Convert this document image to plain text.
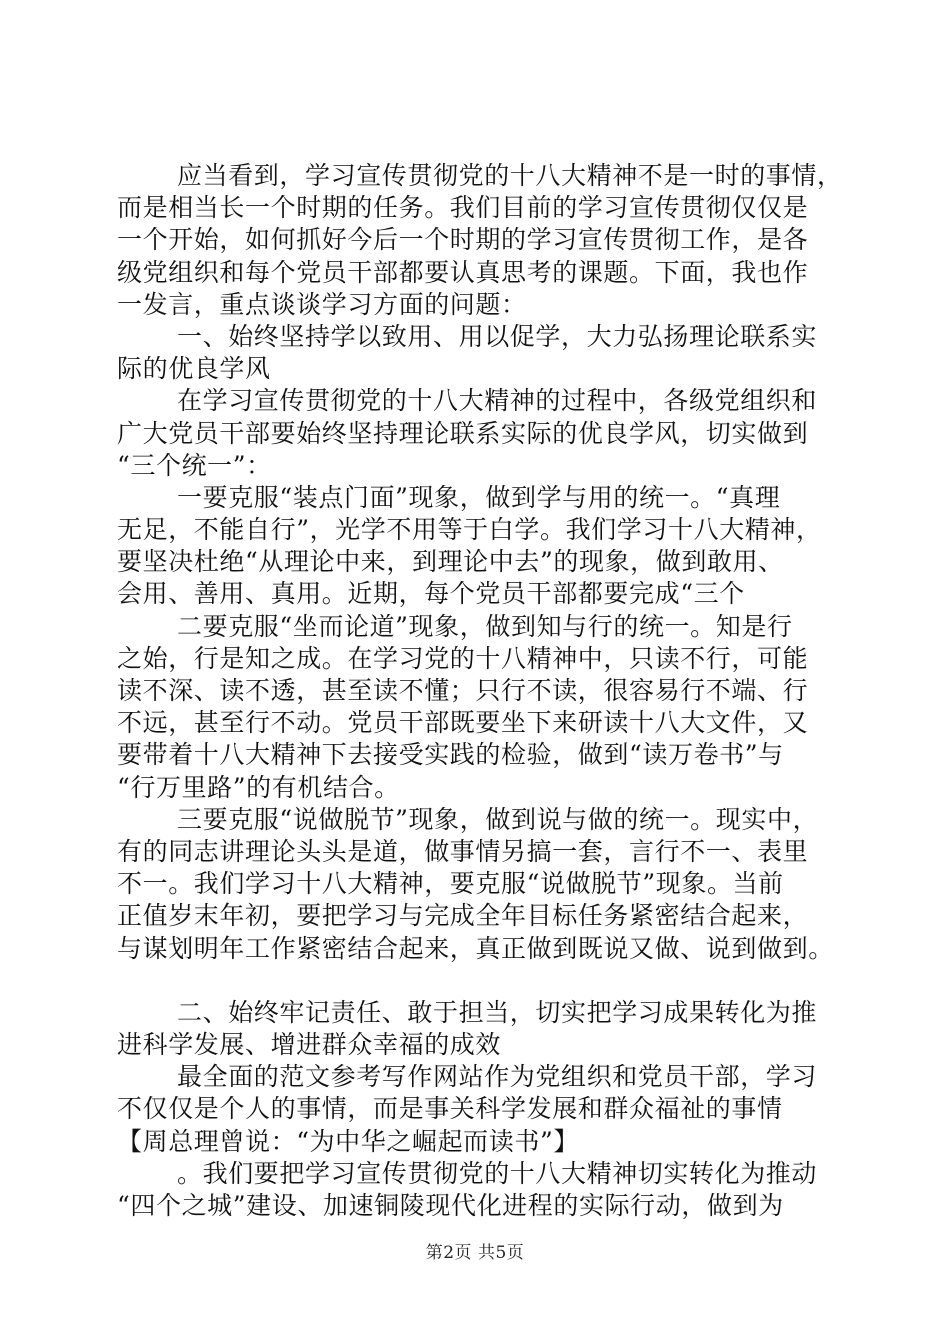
应当看到，学习宣传贯彻党的十八大精神不是一时的事情，
而是相当长一个时期的任务。我们目前的学习宣传贯彻仅仅是
一个开始，如何抓好今后一个时期的学习宣传贯彻工作，是各
级党组织和每个党员干部都要认真思考的课题。下面，我也作
一发言，重点谈谈学习方面的问题：
一、始终坚持学以致用、用以促学，大力弘扬理论联系实
际的优良学风
在学习宣传贯彻党的十八大精神的过程中，各级党组织和
广大党员干部要始终坚持理论联系实际的优良学风，切实做到
“三个统一”：
一要克服“装点门面”现象，做到学与用的统一。“真理
无足，不能自行”，光学不用等于白学。我们学习十八大精神，
要坚决杜绝“从理论中来，到理论中去”的现象，做到敢用、
会用、善用、真用。近期，每个党员干部都要完成“三个
二要克服“坐而论道”现象，做到知与行的统一。知是行
之始，行是知之成。在学习党的十八精神中，只读不行，可能
读不深、读不透，甚至读不懂；只行不读，很容易行不端、行
不远，甚至行不动。党员干部既要坐下来研读十八大文件，又
要带着十八大精神下去接受实践的检验，做到“读万卷书”与
“行万里路”的有机结合。
三要克服“说做脱节”现象，做到说与做的统一。现实中，
有的同志讲理论头头是道，做事情另搞一套，言行不一、表里
不一。我们学习十八大精神，要克服“说做脱节”现象。当前
正值岁末年初，要把学习与完成全年目标任务紧密结合起来，
与谋划明年工作紧密结合起来，真正做到既说又做、说到做到。
二、始终牢记责任、敢于担当，切实把学习成果转化为推
进科学发展、增进群众幸福的成效
最全面的范文参考写作网站作为党组织和党员干部，学习
不仅仅是个人的事情，而是事关科学发展和群众福祉的事情
【周总理曾说：“为中华之崛起而读书”】
。我们要把学习宣传贯彻党的十八大精神切实转化为推动
“四个之城”建设、加速铜陵现代化进程的实际行动，做到为
第2页 共5页
